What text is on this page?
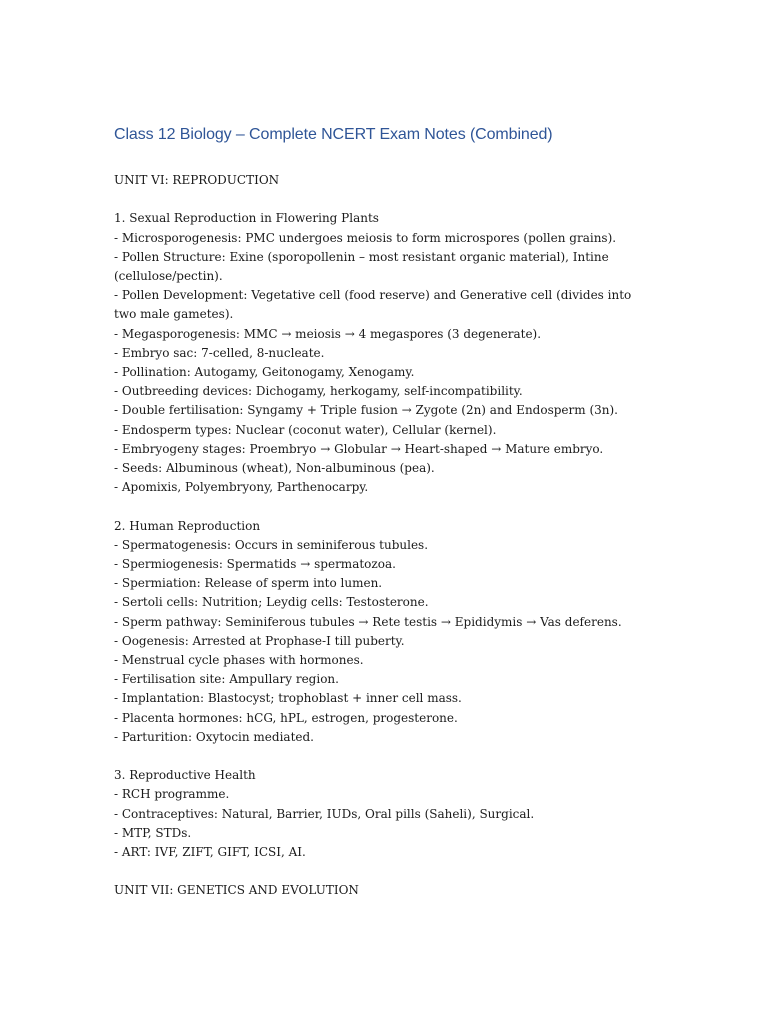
Class 12 Biology – Complete NCERT Exam Notes (Combined)
UNIT VI: REPRODUCTION

1. Sexual Reproduction in Flowering Plants

- Microsporogenesis: PMC undergoes meiosis to form microspores (pollen grains).

- Pollen Structure: Exine (sporopollenin – most resistant organic material), Intine (cellulose/pectin).

- Pollen Development: Vegetative cell (food reserve) and Generative cell (divides into two male gametes).

- Megasporogenesis: MMC → meiosis → 4 megaspores (3 degenerate).

- Embryo sac: 7-celled, 8-nucleate.

- Pollination: Autogamy, Geitonogamy, Xenogamy.

- Outbreeding devices: Dichogamy, herkogamy, self-incompatibility.

- Double fertilisation: Syngamy + Triple fusion → Zygote (2n) and Endosperm (3n).

- Endosperm types: Nuclear (coconut water), Cellular (kernel).

- Embryogeny stages: Proembryo → Globular → Heart-shaped → Mature embryo.

- Seeds: Albuminous (wheat), Non-albuminous (pea).

- Apomixis, Polyembryony, Parthenocarpy.

2. Human Reproduction

- Spermatogenesis: Occurs in seminiferous tubules.

- Spermiogenesis: Spermatids → spermatozoa.

- Spermiation: Release of sperm into lumen.

- Sertoli cells: Nutrition; Leydig cells: Testosterone.

- Sperm pathway: Seminiferous tubules → Rete testis → Epididymis → Vas deferens.

- Oogenesis: Arrested at Prophase-I till puberty.

- Menstrual cycle phases with hormones.

- Fertilisation site: Ampullary region.

- Implantation: Blastocyst; trophoblast + inner cell mass.

- Placenta hormones: hCG, hPL, estrogen, progesterone.

- Parturition: Oxytocin mediated.

3. Reproductive Health

- RCH programme.

- Contraceptives: Natural, Barrier, IUDs, Oral pills (Saheli), Surgical.

- MTP, STDs.

- ART: IVF, ZIFT, GIFT, ICSI, AI.

UNIT VII: GENETICS AND EVOLUTION
